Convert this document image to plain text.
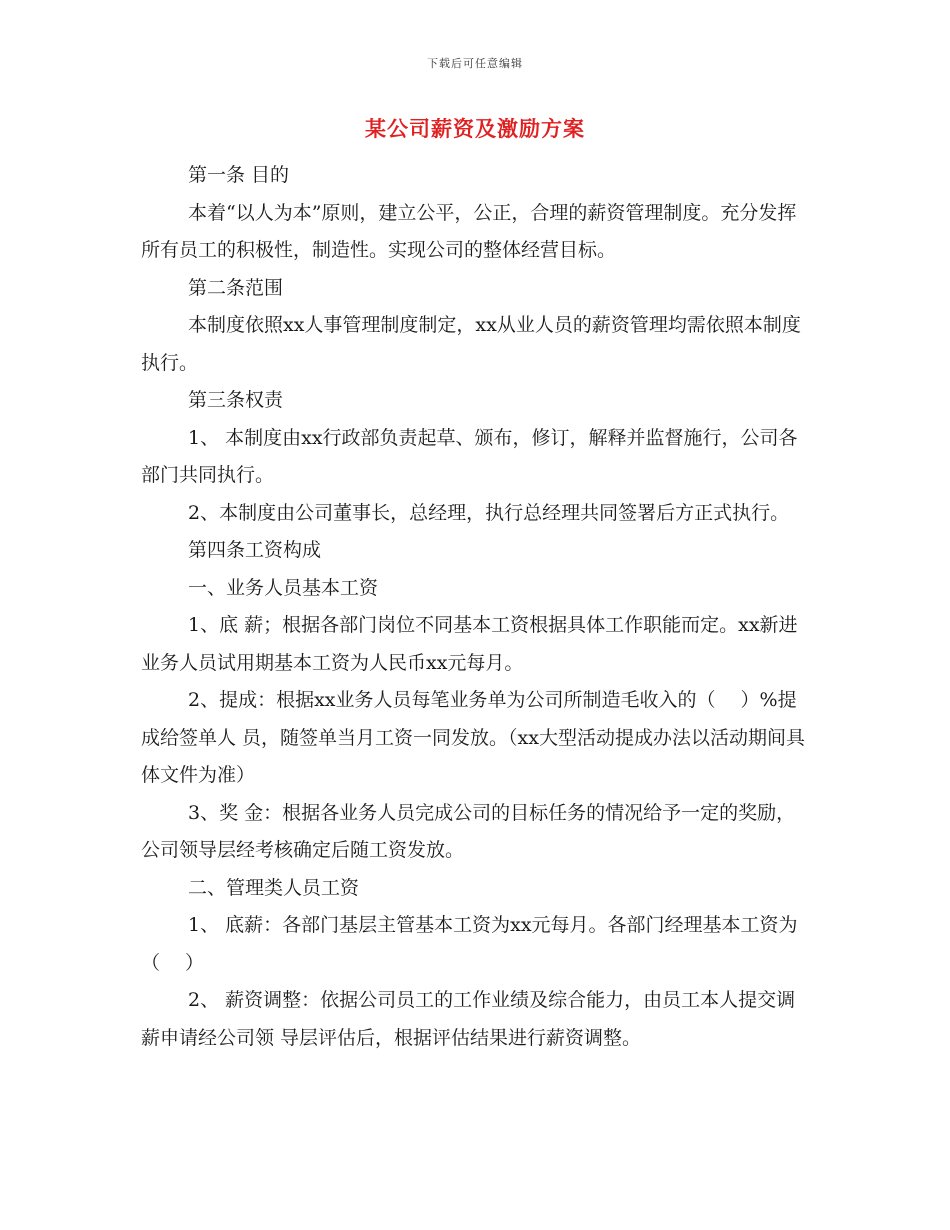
下载后可任意编辑
某公司薪资及激励方案

第一条 目的

本着“以人为本”原则，建立公平，公正，合理的薪资管理制度。充分发挥所有员工的积极性，制造性。实现公司的整体经营目标。

第二条范围

本制度依照xx人事管理制度制定，xx从业人员的薪资管理均需依照本制度执行。

第三条权责

1、 本制度由xx行政部负责起草、颁布，修订，解释并监督施行，公司各部门共同执行。

2、本制度由公司董事长，总经理，执行总经理共同签署后方正式执行。

第四条工资构成

一、业务人员基本工资

1、底 薪；根据各部门岗位不同基本工资根据具体工作职能而定。xx新进业务人员试用期基本工资为人民币xx元每月。

2、提成：根据xx业务人员每笔业务单为公司所制造毛收入的（　 ）%提成给签单人 员，随签单当月工资一同发放。（xx大型活动提成办法以活动期间具体文件为准）

3、奖 金：根据各业务人员完成公司的目标任务的情况给予一定的奖励，公司领导层经考核确定后随工资发放。

二、管理类人员工资

1、 底薪：各部门基层主管基本工资为xx元每月。各部门经理基本工资为（　 ）

2、 薪资调整：依据公司员工的工作业绩及综合能力，由员工本人提交调薪申请经公司领 导层评估后，根据评估结果进行薪资调整。
